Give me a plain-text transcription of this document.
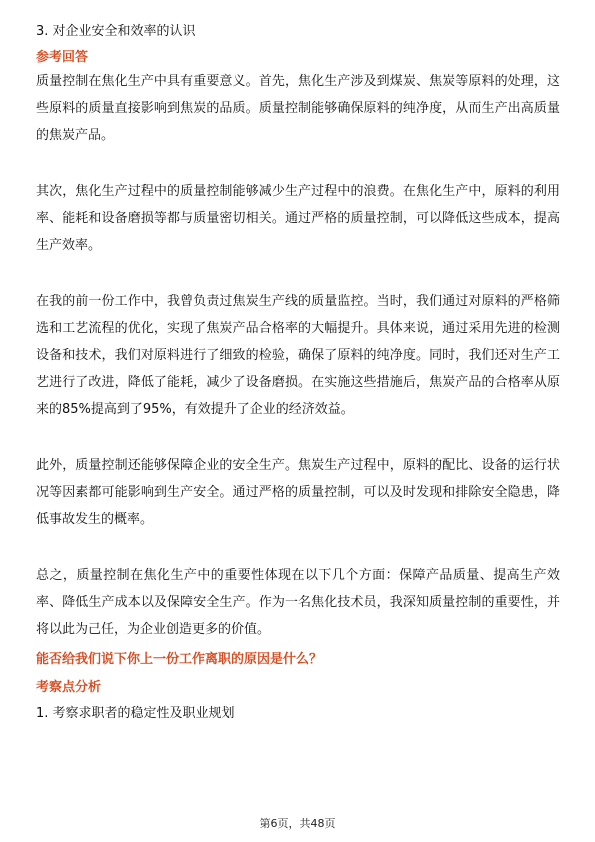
3. 对企业安全和效率的认识
参考回答

质量控制在焦化生产中具有重要意义。首先，焦化生产涉及到煤炭、焦炭等原料的处理，这些原料的质量直接影响到焦炭的品质。质量控制能够确保原料的纯净度，从而生产出高质量的焦炭产品。

其次，焦化生产过程中的质量控制能够减少生产过程中的浪费。在焦化生产中，原料的利用率、能耗和设备磨损等都与质量密切相关。通过严格的质量控制，可以降低这些成本，提高生产效率。

在我的前一份工作中，我曾负责过焦炭生产线的质量监控。当时，我们通过对原料的严格筛选和工艺流程的优化，实现了焦炭产品合格率的大幅提升。具体来说，通过采用先进的检测设备和技术，我们对原料进行了细致的检验，确保了原料的纯净度。同时，我们还对生产工艺进行了改进，降低了能耗，减少了设备磨损。在实施这些措施后，焦炭产品的合格率从原来的85%提高到了95%，有效提升了企业的经济效益。

此外，质量控制还能够保障企业的安全生产。焦炭生产过程中，原料的配比、设备的运行状况等因素都可能影响到生产安全。通过严格的质量控制，可以及时发现和排除安全隐患，降低事故发生的概率。

总之，质量控制在焦化生产中的重要性体现在以下几个方面：保障产品质量、提高生产效率、降低生产成本以及保障安全生产。作为一名焦化技术员，我深知质量控制的重要性，并将以此为己任，为企业创造更多的价值。

能否给我们说下你上一份工作离职的原因是什么？
考察点分析
1. 考察求职者的稳定性及职业规划
第6页，共48页
